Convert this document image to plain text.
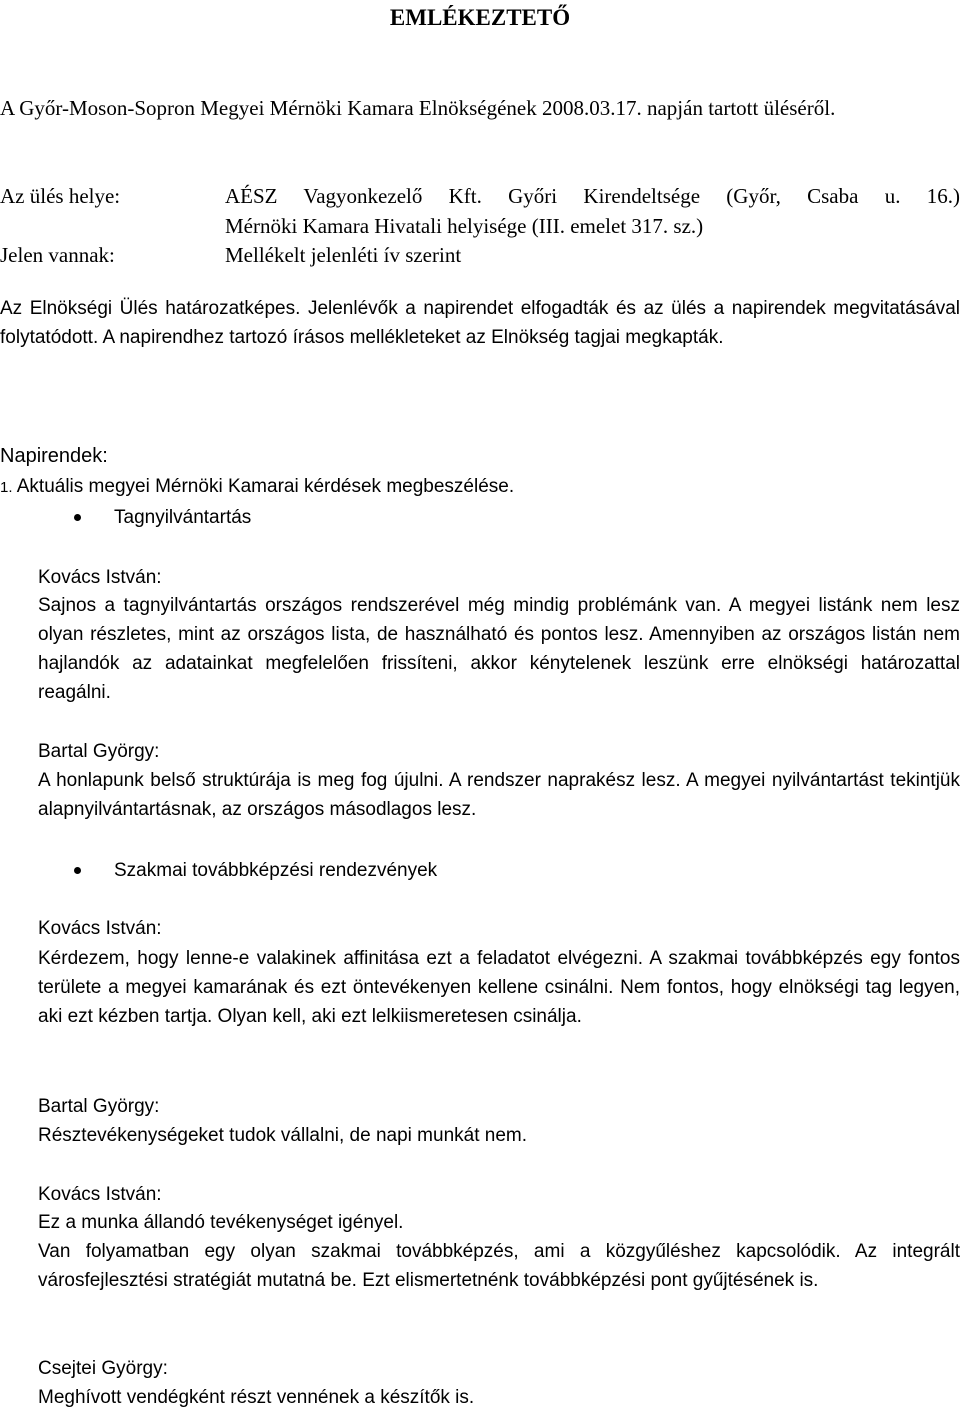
EMLÉKEZTETŐ
A Győr-Moson-Sopron Megyei Mérnöki Kamara Elnökségének 2008.03.17. napján tartott üléséről.
Az ülés helye:	AÉSZ Vagyonkezelő Kft. Győri Kirendeltsége (Győr, Csaba u. 16.)
Mérnöki Kamara Hivatali helyisége (III. emelet 317. sz.)
Jelen vannak:	Mellékelt jelenléti ív szerint
Az Elnökségi Ülés határozatképes. Jelenlévők a napirendet elfogadták és az ülés a napirendek megvitatásával folytatódott. A napirendhez tartozó írásos mellékleteket az Elnökség tagjai megkapták.
Napirendek:
1. Aktuális megyei Mérnöki Kamarai kérdések megbeszélése.
Tagnyilvántartás
Kovács István:
Sajnos a tagnyilvántartás országos rendszerével még mindig problémánk van. A megyei listánk nem lesz olyan részletes, mint az országos lista, de használható és pontos lesz. Amennyiben az országos listán nem hajlandók az adatainkat megfelelően frissíteni, akkor kénytelenek leszünk erre elnökségi határozattal reagálni.
Bartal György:
A honlapunk belső struktúrája is meg fog újulni. A rendszer naprakész lesz. A megyei nyilvántartást tekintjük alapnyilvántartásnak, az országos másodlagos lesz.
Szakmai továbbképzési rendezvények
Kovács István:
Kérdezem, hogy lenne-e valakinek affinitása ezt a feladatot elvégezni. A szakmai továbbképzés egy fontos területe a megyei kamarának és ezt öntevékenyen kellene csinálni. Nem fontos, hogy elnökségi tag legyen, aki ezt kézben tartja. Olyan kell, aki ezt lelkiismeretesen csinálja.
Bartal György:
Résztevékenységeket tudok vállalni, de napi munkát nem.
Kovács István:
Ez a munka állandó tevékenységet igényel.
Van folyamatban egy olyan szakmai továbbképzés, ami a közgyűléshez kapcsolódik. Az integrált városfejlesztési stratégiát mutatná be. Ezt elismertetnénk továbbképzési pont gyűjtésének is.
Csejtei György:
Meghívott vendégként részt vennének a készítők is.
